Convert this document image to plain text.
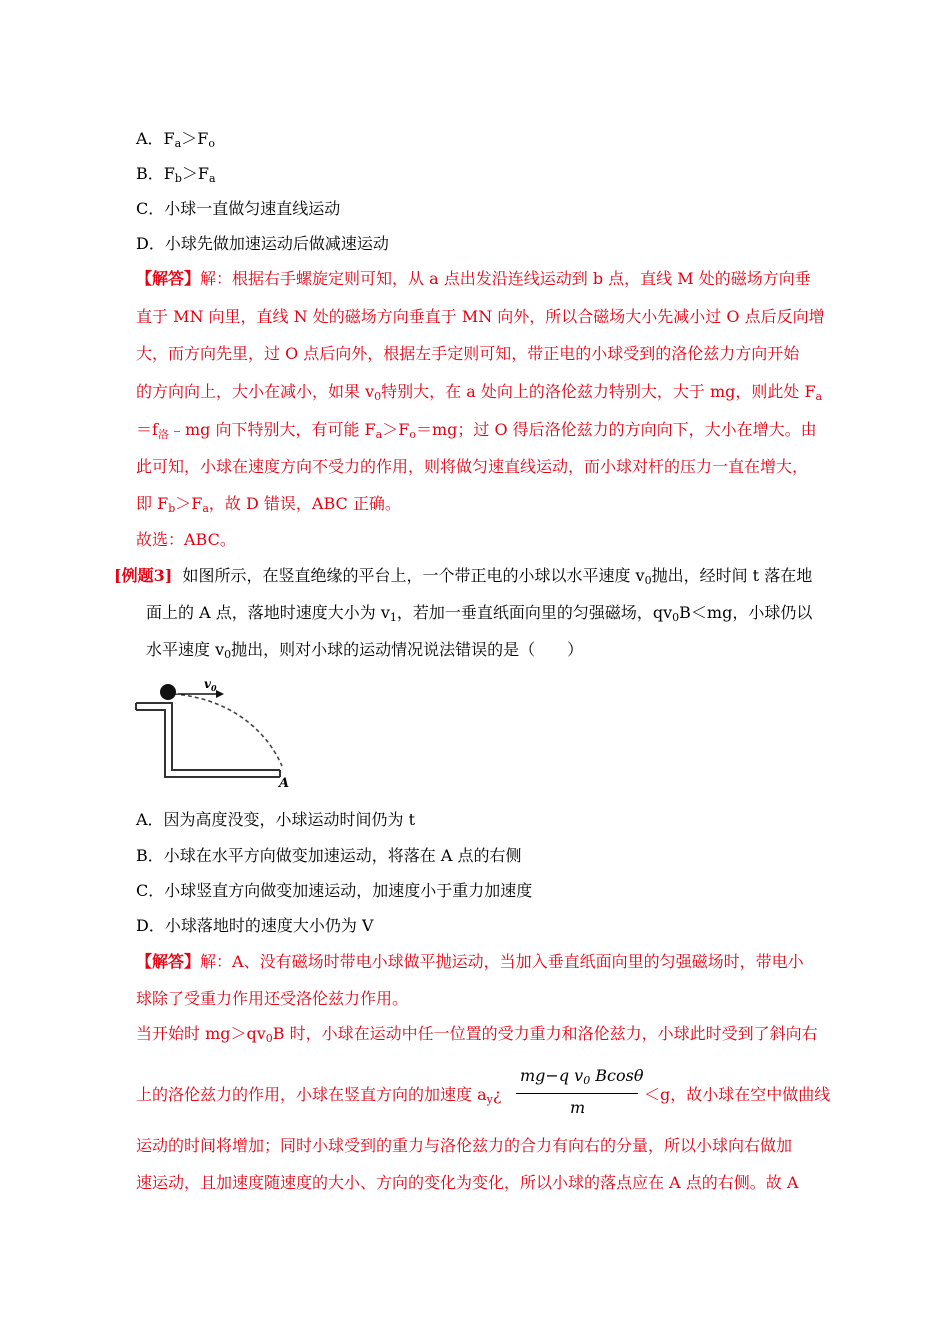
A．$F_a>F_o$
B．$F_b>F_a$
C．小球一直做匀速直线运动
D．小球先做加速运动后做减速运动
【解答】解：根据右手螺旋定则可知，从 a 点出发沿连线运动到 b 点，直线 M 处的磁场方向垂
直于 MN 向里，直线 N 处的磁场方向垂直于 MN 向外，所以合磁场大小先减小过 O 点后反向增
大，而方向先里，过 O 点后向外，根据左手定则可知，带正电的小球受到的洛伦兹力方向开始
的方向向上，大小在减小，如果 $v_0$特别大，在 a 处向上的洛伦兹力特别大，大于 mg，则此处 $F_a$
$=f_洛﹣mg$ 向下特别大，有可能 $F_a>F_o=mg$；过 O 得后洛伦兹力的方向向下，大小在增大。由
此可知，小球在速度方向不受力的作用，则将做匀速直线运动，而小球对杆的压力一直在增大，
即 $F_b>F_a$，故 D 错误，ABC 正确。
故选：ABC。
[例题3] 如图所示，在竖直绝缘的平台上，一个带正电的小球以水平速度 $v_0$抛出，经时间 t 落在地
面上的 A 点，落地时速度大小为 $v_1$，若加一垂直纸面向里的匀强磁场，$qv_0B<mg$，小球仍以
水平速度 $v_0$抛出，则对小球的运动情况说法错误的是（　　）
$v_0$
A
A．因为高度没变，小球运动时间仍为 t
B．小球在水平方向做变加速运动，将落在 A 点的右侧
C．小球竖直方向做变加速运动，加速度小于重力加速度
D．小球落地时的速度大小仍为 V
【解答】解：A、没有磁场时带电小球做平抛运动，当加入垂直纸面向里的匀强磁场时，带电小
球除了受重力作用还受洛伦兹力作用。
当开始时 $mg>qv_0B$ 时，小球在运动中任一位置的受力重力和洛伦兹力，小球此时受到了斜向右
上的洛伦兹力的作用，小球在竖直方向的加速度 $a_y¿$
mg−q $v_0$ Bcosθ
m
＜g，故小球在空中做曲线
运动的时间将增加；同时小球受到的重力与洛伦兹力的合力有向右的分量，所以小球向右做加
速运动，且加速度随速度的大小、方向的变化为变化，所以小球的落点应在 A 点的右侧。故 A
